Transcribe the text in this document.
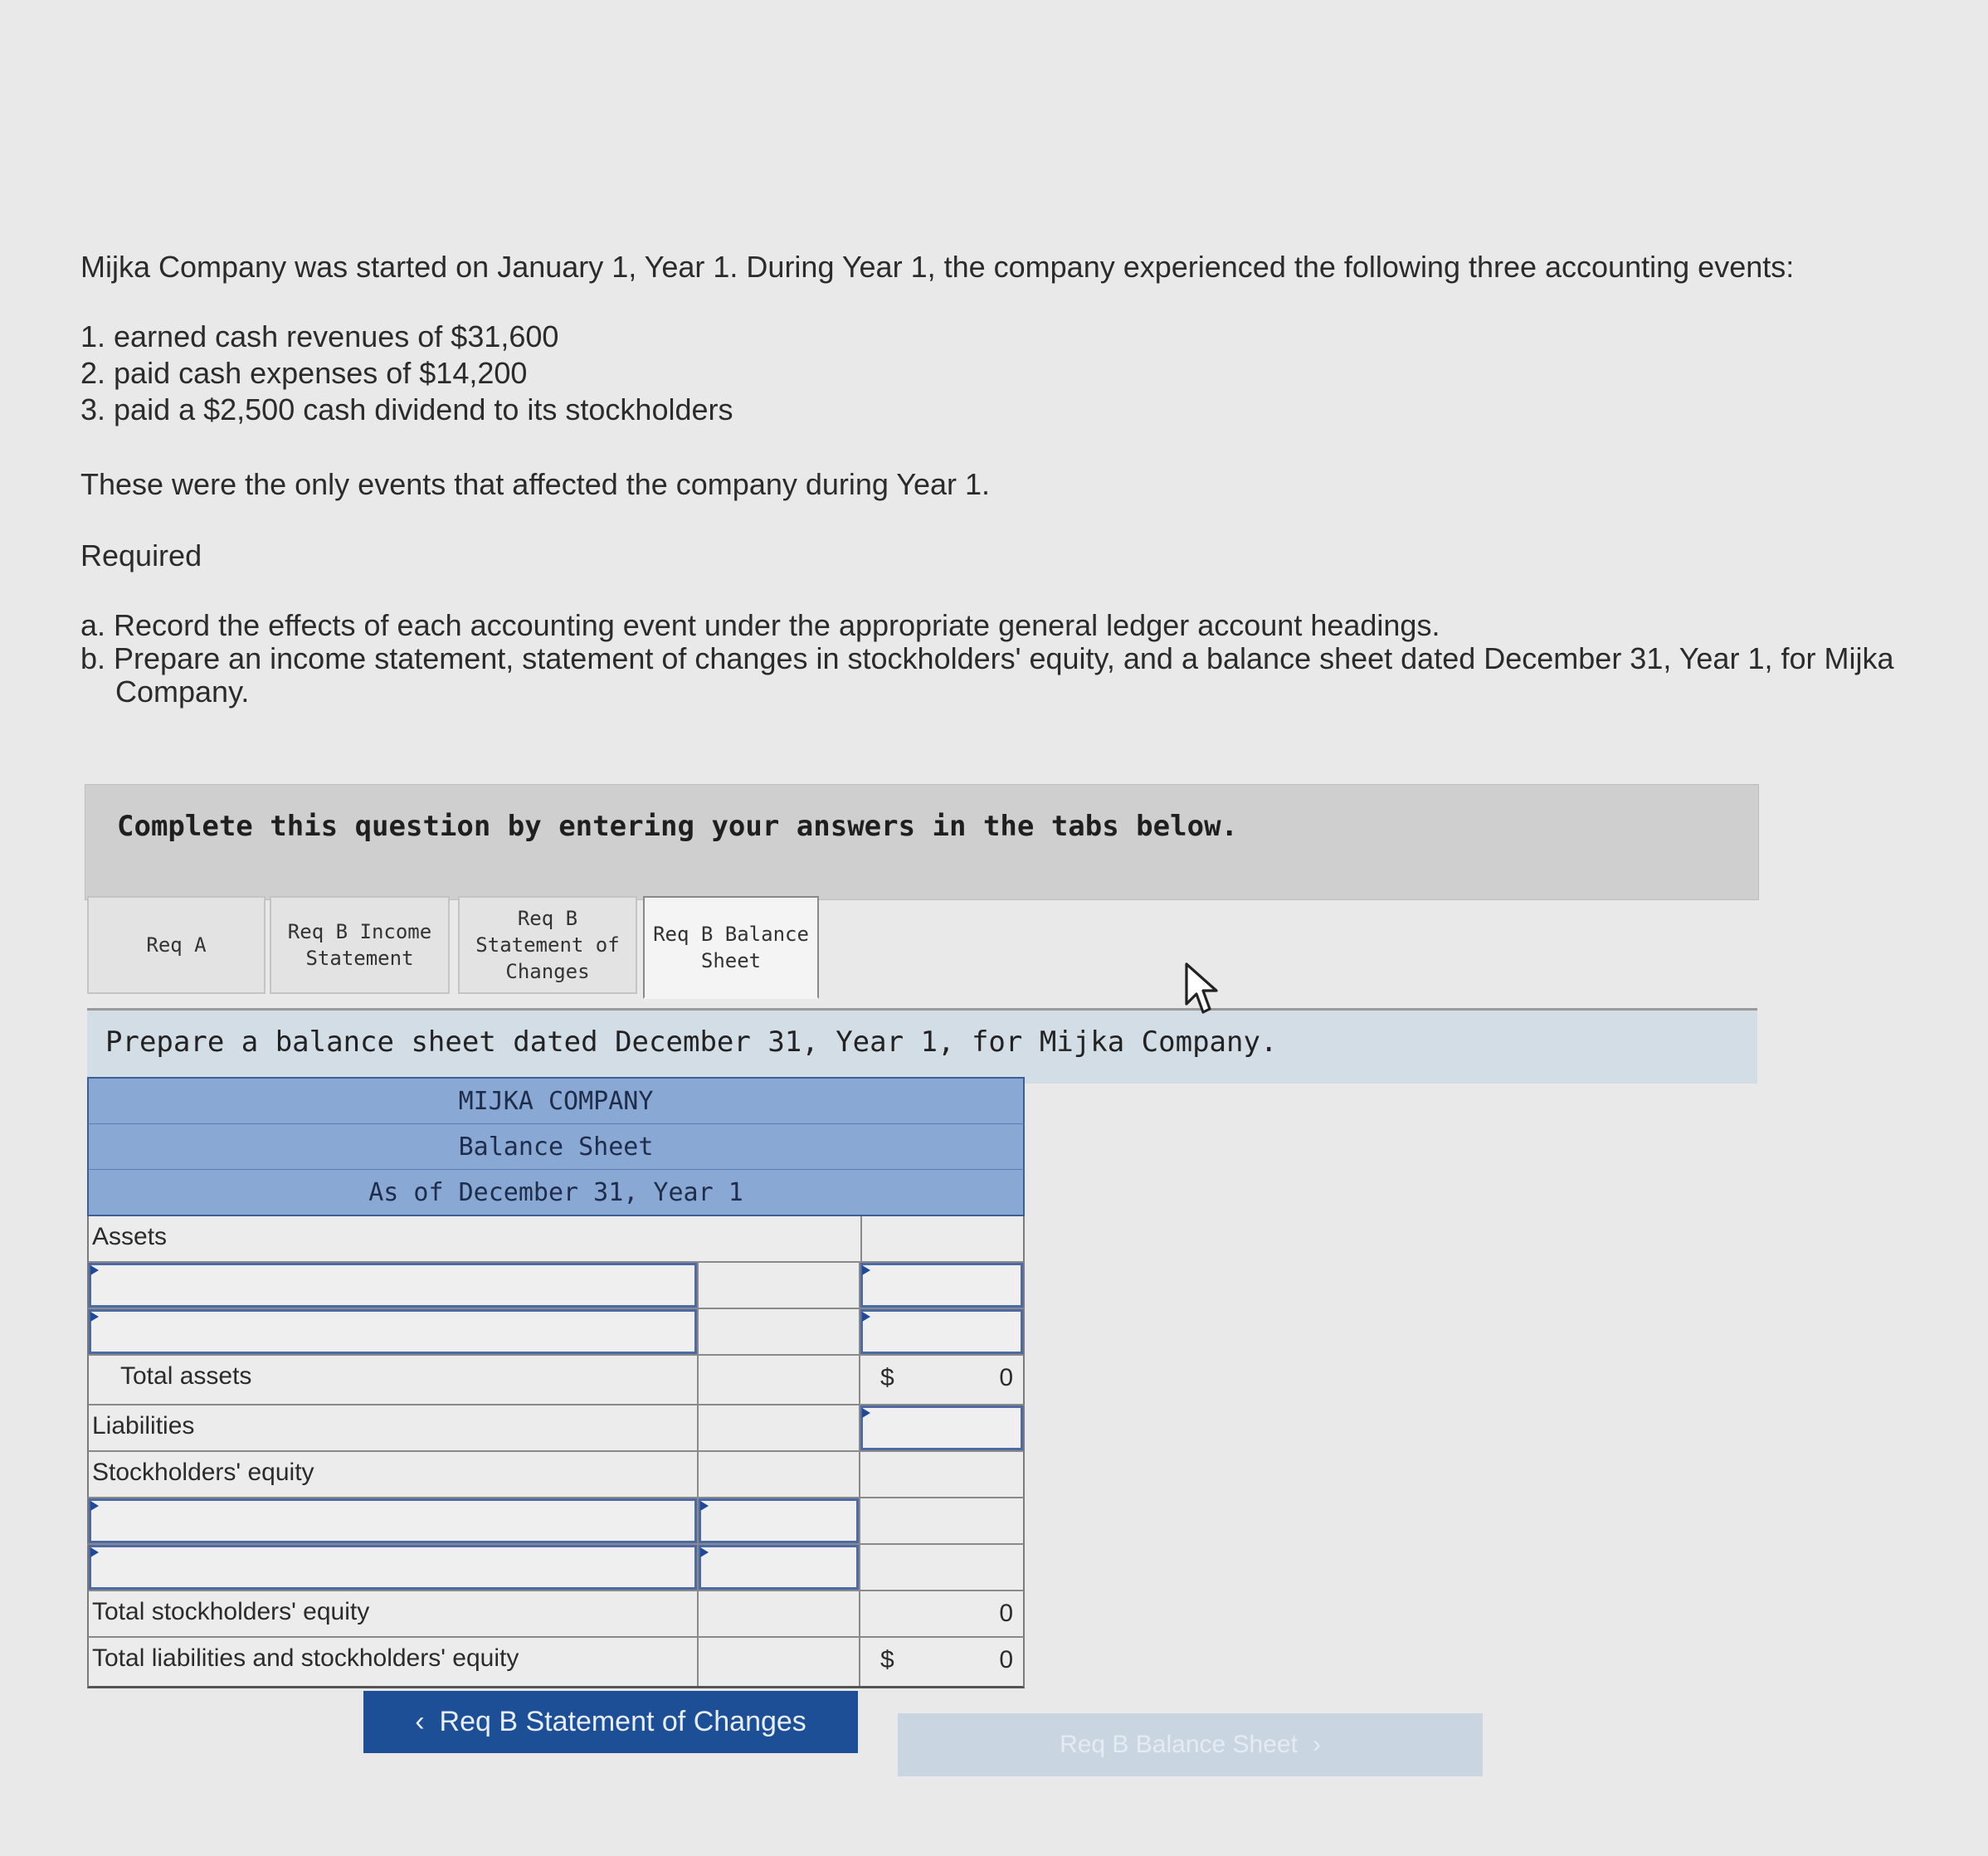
Mijka Company was started on January 1, Year 1. During Year 1, the company experienced the following three accounting events:

1. earned cash revenues of $31,600
2. paid cash expenses of $14,200
3. paid a $2,500 cash dividend to its stockholders

These were the only events that affected the company during Year 1.

Required

a. Record the effects of each accounting event under the appropriate general ledger account headings.
b. Prepare an income statement, statement of changes in stockholders' equity, and a balance sheet dated December 31, Year 1, for Mijka Company.
Complete this question by entering your answers in the tabs below.
Req A
Req B Income
Statement
Req B
Statement of
Changes
Req B Balance
Sheet
Prepare a balance sheet dated December 31, Year 1, for Mijka Company.
MIJKA COMPANY
Balance Sheet
As of December 31, Year 1
Assets
Total assets	$	0
Liabilities
Stockholders' equity
Total stockholders' equity	0
Total liabilities and stockholders' equity	$	0
‹ Req B Statement of Changes
Req B Balance Sheet ›
